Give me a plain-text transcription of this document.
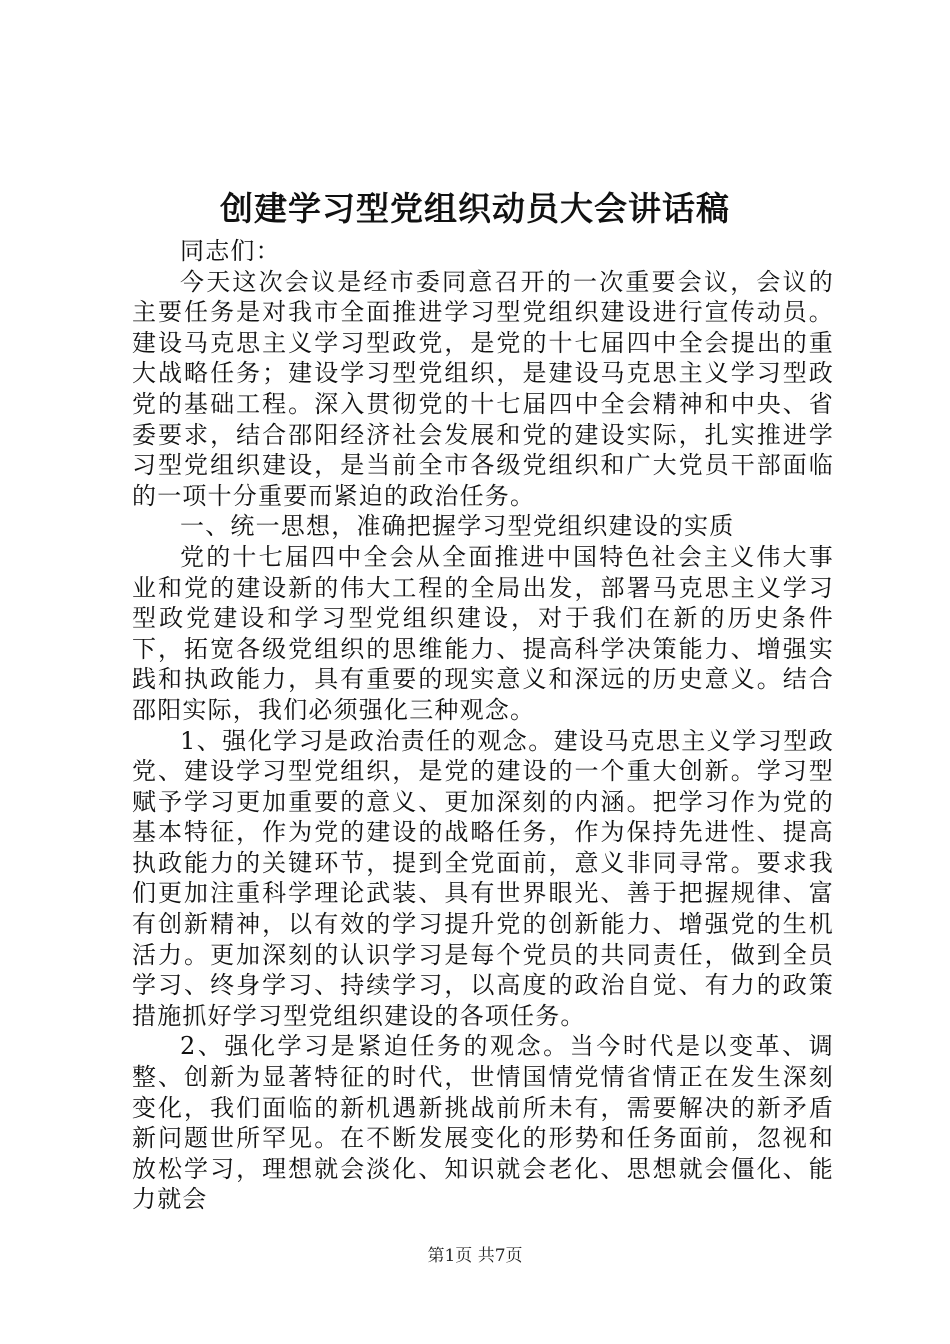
创建学习型党组织动员大会讲话稿

同志们：

今天这次会议是经市委同意召开的一次重要会议，会议的主要任务是对我市全面推进学习型党组织建设进行宣传动员。建设马克思主义学习型政党，是党的十七届四中全会提出的重大战略任务；建设学习型党组织，是建设马克思主义学习型政党的基础工程。深入贯彻党的十七届四中全会精神和中央、省委要求，结合邵阳经济社会发展和党的建设实际，扎实推进学习型党组织建设，是当前全市各级党组织和广大党员干部面临的一项十分重要而紧迫的政治任务。

一、统一思想，准确把握学习型党组织建设的实质

党的十七届四中全会从全面推进中国特色社会主义伟大事业和党的建设新的伟大工程的全局出发，部署马克思主义学习型政党建设和学习型党组织建设，对于我们在新的历史条件下，拓宽各级党组织的思维能力、提高科学决策能力、增强实践和执政能力，具有重要的现实意义和深远的历史意义。结合邵阳实际，我们必须强化三种观念。

1、强化学习是政治责任的观念。建设马克思主义学习型政党、建设学习型党组织，是党的建设的一个重大创新。学习型赋予学习更加重要的意义、更加深刻的内涵。把学习作为党的基本特征，作为党的建设的战略任务，作为保持先进性、提高执政能力的关键环节，提到全党面前，意义非同寻常。要求我们更加注重科学理论武装、具有世界眼光、善于把握规律、富有创新精神，以有效的学习提升党的创新能力、增强党的生机活力。更加深刻的认识学习是每个党员的共同责任，做到全员学习、终身学习、持续学习，以高度的政治自觉、有力的政策措施抓好学习型党组织建设的各项任务。

2、强化学习是紧迫任务的观念。当今时代是以变革、调整、创新为显著特征的时代，世情国情党情省情正在发生深刻变化，我们面临的新机遇新挑战前所未有，需要解决的新矛盾新问题世所罕见。在不断发展变化的形势和任务面前，忽视和放松学习，理想就会淡化、知识就会老化、思想就会僵化、能力就会

第1页 共7页
